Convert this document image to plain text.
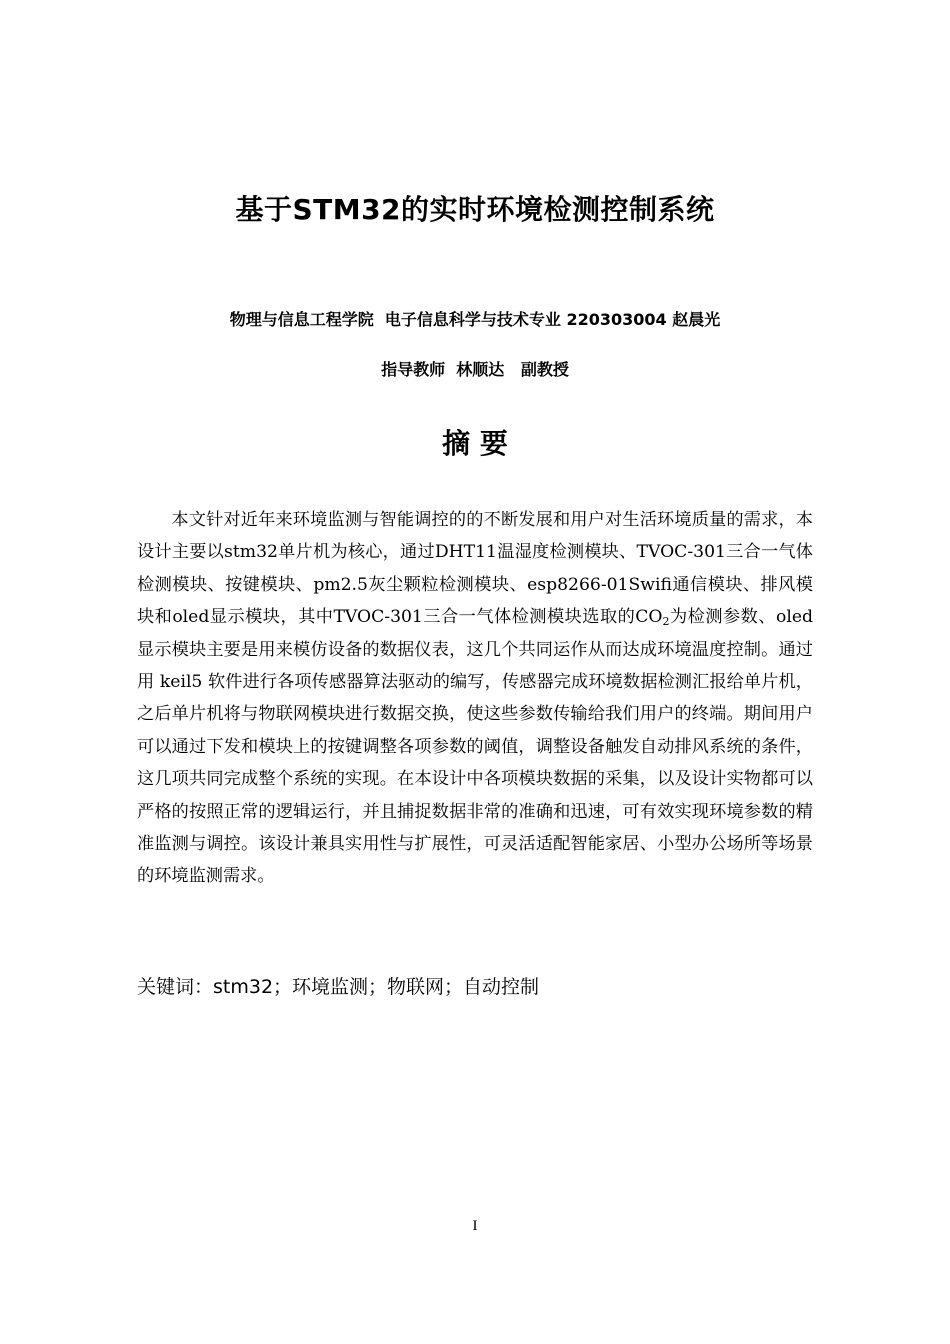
基于STM32的实时环境检测控制系统
物理与信息工程学院  电子信息科学与技术专业 220303004 赵晨光
指导教师  林顺达   副教授
摘 要
本文针对近年来环境监测与智能调控的的不断发展和用户对生活环境质量的需求，本设计主要以stm32单片机为核心，通过DHT11温湿度检测模块、TVOC-301三合一气体检测模块、按键模块、pm2.5灰尘颗粒检测模块、esp8266-01Swifi通信模块、排风模块和oled显示模块，其中TVOC-301三合一气体检测模块选取的$CO_2$为检测参数、oled显示模块主要是用来模仿设备的数据仪表，这几个共同运作从而达成环境温度控制。通过用 keil5 软件进行各项传感器算法驱动的编写，传感器完成环境数据检测汇报给单片机，之后单片机将与物联网模块进行数据交换，使这些参数传输给我们用户的终端。期间用户可以通过下发和模块上的按键调整各项参数的阈值，调整设备触发自动排风系统的条件，这几项共同完成整个系统的实现。在本设计中各项模块数据的采集，以及设计实物都可以严格的按照正常的逻辑运行，并且捕捉数据非常的准确和迅速，可有效实现环境参数的精准监测与调控。该设计兼具实用性与扩展性，可灵活适配智能家居、小型办公场所等场景的环境监测需求。
关键词：stm32；环境监测；物联网；自动控制
I
